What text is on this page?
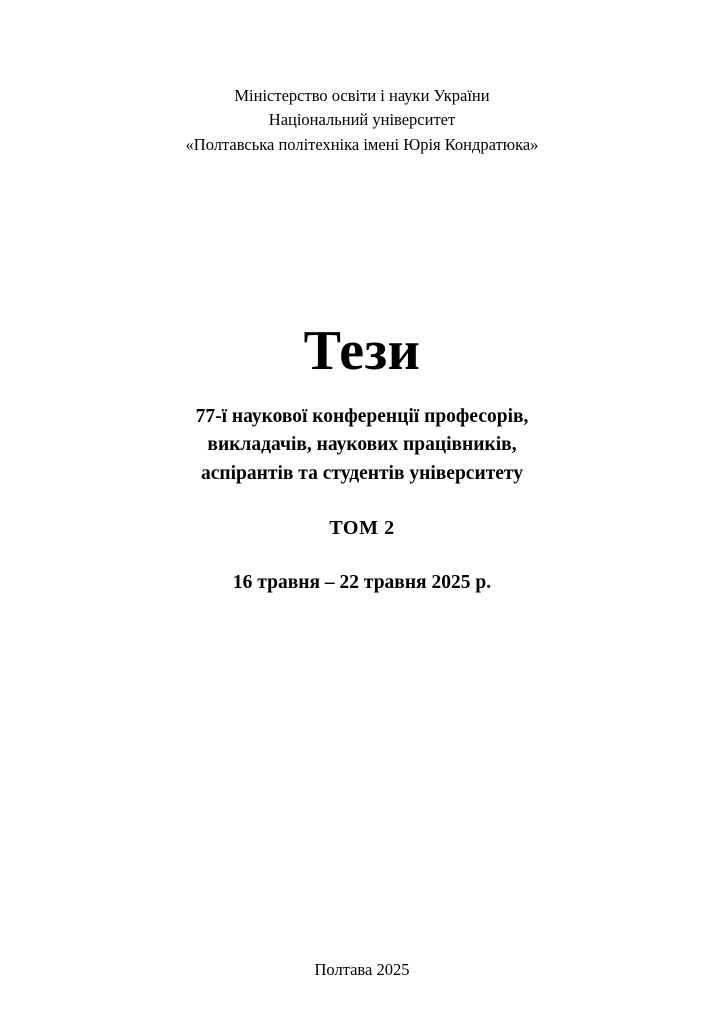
Міністерство освіти і науки України
Національний університет
«Полтавська політехніка імені Юрія Кондратюка»
Тези
77-ї наукової конференції професорів,
викладачів, наукових працівників,
аспірантів та студентів університету
ТОМ 2
16 травня – 22 травня 2025 р.
Полтава 2025
